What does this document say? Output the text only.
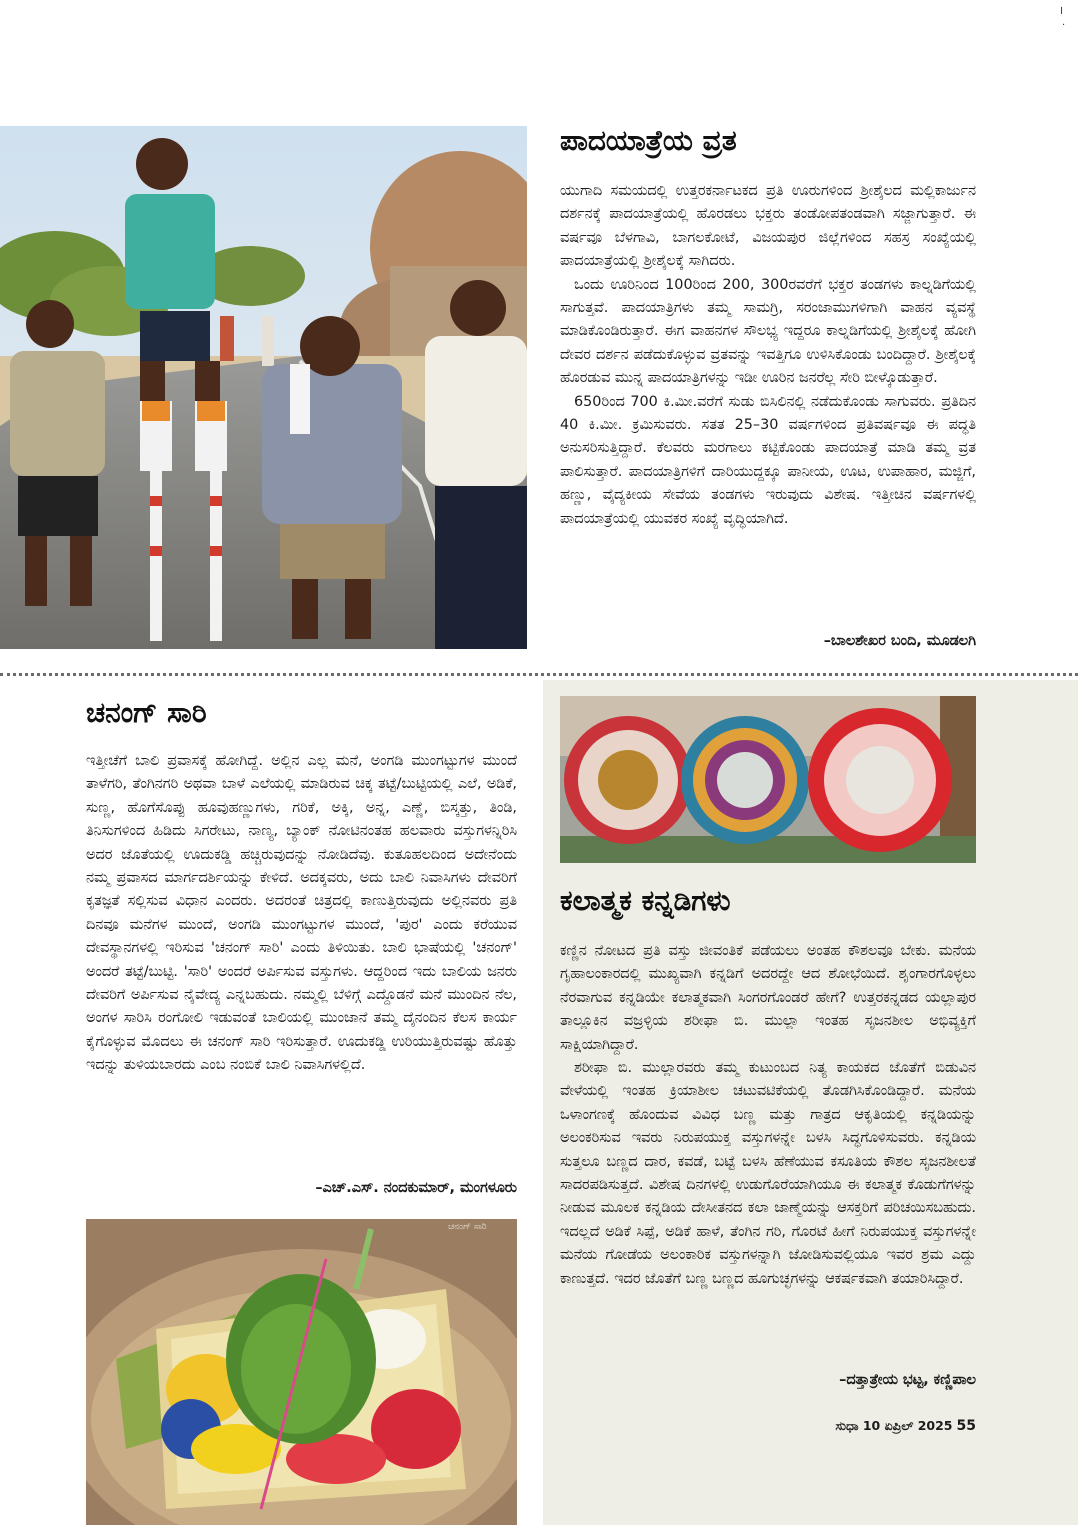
╷
·
ಪಾದಯಾತ್ರೆಯ ವ್ರತ

ಯುಗಾದಿ ಸಮಯದಲ್ಲಿ ಉತ್ತರಕರ್ನಾಟಕದ ಪ್ರತಿ ಊರುಗಳಿಂದ ಶ್ರೀಶೈಲದ ಮಲ್ಲಿಕಾರ್ಜುನ ದರ್ಶನಕ್ಕೆ ಪಾದಯಾತ್ರೆಯಲ್ಲಿ ಹೊರಡಲು ಭಕ್ತರು ತಂಡೋಪತಂಡವಾಗಿ ಸಜ್ಜಾಗುತ್ತಾರೆ. ಈ ವರ್ಷವೂ ಬೆಳಗಾವಿ, ಬಾಗಲಕೋಟೆ, ವಿಜಯಪುರ ಜಿಲ್ಲೆಗಳಿಂದ ಸಹಸ್ರ ಸಂಖ್ಯೆಯಲ್ಲಿ ಪಾದಯಾತ್ರೆಯಲ್ಲಿ ಶ್ರೀಶೈಲಕ್ಕೆ ಸಾಗಿದರು.

ಒಂದು ಊರಿನಿಂದ 100ರಿಂದ 200, 300ರವರೆಗೆ ಭಕ್ತರ ತಂಡಗಳು ಕಾಲ್ನಡಿಗೆಯಲ್ಲಿ ಸಾಗುತ್ತವೆ. ಪಾದಯಾತ್ರಿಗಳು ತಮ್ಮ ಸಾಮಗ್ರಿ, ಸರಂಜಾಮುಗಳಿಗಾಗಿ ವಾಹನ ವ್ಯವಸ್ಥೆ ಮಾಡಿಕೊಂಡಿರುತ್ತಾರೆ. ಈಗ ವಾಹನಗಳ ಸೌಲಭ್ಯ ಇದ್ದರೂ ಕಾಲ್ನಡಿಗೆಯಲ್ಲಿ ಶ್ರೀಶೈಲಕ್ಕೆ ಹೋಗಿ ದೇವರ ದರ್ಶನ ಪಡೆದುಕೊಳ್ಳುವ ವ್ರತವನ್ನು ಇವತ್ತಿಗೂ ಉಳಿಸಿಕೊಂಡು ಬಂದಿದ್ದಾರೆ. ಶ್ರೀಶೈಲಕ್ಕೆ ಹೊರಡುವ ಮುನ್ನ ಪಾದಯಾತ್ರಿಗಳನ್ನು ಇಡೀ ಊರಿನ ಜನರೆಲ್ಲ ಸೇರಿ ಬೀಳ್ಕೊಡುತ್ತಾರೆ.

650ರಿಂದ 700 ಕಿ.ಮೀ.ವರೆಗೆ ಸುಡು ಬಿಸಿಲಿನಲ್ಲಿ ನಡೆದುಕೊಂಡು ಸಾಗುವರು. ಪ್ರತಿದಿನ 40 ಕಿ.ಮೀ. ಕ್ರಮಿಸುವರು. ಸತತ 25–30 ವರ್ಷಗಳಿಂದ ಪ್ರತಿವರ್ಷವೂ ಈ ಪದ್ಧತಿ ಅನುಸರಿಸುತ್ತಿದ್ದಾರೆ. ಕೆಲವರು ಮರಗಾಲು ಕಟ್ಟಿಕೊಂಡು ಪಾದಯಾತ್ರೆ ಮಾಡಿ ತಮ್ಮ ವ್ರತ ಪಾಲಿಸುತ್ತಾರೆ. ಪಾದಯಾತ್ರಿಗಳಿಗೆ ದಾರಿಯುದ್ದಕ್ಕೂ ಪಾನೀಯ, ಊಟ, ಉಪಾಹಾರ, ಮಜ್ಜಿಗೆ, ಹಣ್ಣು, ವೈದ್ಯಕೀಯ ಸೇವೆಯ ತಂಡಗಳು ಇರುವುದು ವಿಶೇಷ. ಇತ್ತೀಚಿನ ವರ್ಷಗಳಲ್ಲಿ ಪಾದಯಾತ್ರೆಯಲ್ಲಿ ಯುವಕರ ಸಂಖ್ಯೆ ವೃದ್ಧಿಯಾಗಿದೆ.

–ಬಾಲಶೇಖರ ಬಂದಿ, ಮೂಡಲಗಿ
ಚನಂಗ್ ಸಾರಿ

ಇತ್ತೀಚೆಗೆ ಬಾಲಿ ಪ್ರವಾಸಕ್ಕೆ ಹೋಗಿದ್ದೆ. ಅಲ್ಲಿನ ಎಲ್ಲ ಮನೆ, ಅಂಗಡಿ ಮುಂಗಟ್ಟುಗಳ ಮುಂದೆ ತಾಳೆಗರಿ, ತೆಂಗಿನಗರಿ ಅಥವಾ ಬಾಳೆ ಎಲೆಯಲ್ಲಿ ಮಾಡಿರುವ ಚಿಕ್ಕ ತಟ್ಟೆ/ಬುಟ್ಟಿಯಲ್ಲಿ ಎಲೆ, ಅಡಿಕೆ, ಸುಣ್ಣ, ಹೊಗೆಸೊಪ್ಪು ಹೂವುಹಣ್ಣುಗಳು, ಗರಿಕೆ, ಅಕ್ಕಿ, ಅನ್ನ, ಎಣ್ಣೆ, ಬಿಸ್ಕತ್ತು, ತಿಂಡಿ, ತಿನಿಸುಗಳಿಂದ ಹಿಡಿದು ಸಿಗರೇಟು, ನಾಣ್ಯ, ಬ್ಯಾಂಕ್ ನೋಟಿನಂತಹ ಹಲವಾರು ವಸ್ತುಗಳನ್ನಿರಿಸಿ ಅದರ ಜೊತೆಯಲ್ಲಿ ಊದುಕಡ್ಡಿ ಹಚ್ಚಿರುವುದನ್ನು ನೋಡಿದೆವು. ಕುತೂಹಲದಿಂದ ಅದೇನೆಂದು ನಮ್ಮ ಪ್ರವಾಸದ ಮಾರ್ಗದರ್ಶಿಯನ್ನು ಕೇಳಿದೆ. ಅದಕ್ಕವರು, ಅದು ಬಾಲಿ ನಿವಾಸಿಗಳು ದೇವರಿಗೆ ಕೃತಜ್ಞತೆ ಸಲ್ಲಿಸುವ ವಿಧಾನ ಎಂದರು. ಅದರಂತೆ ಚಿತ್ರದಲ್ಲಿ ಕಾಣುತ್ತಿರುವುದು ಅಲ್ಲಿನವರು ಪ್ರತಿ ದಿನವೂ ಮನೆಗಳ ಮುಂದೆ, ಅಂಗಡಿ ಮುಂಗಟ್ಟುಗಳ ಮುಂದೆ, 'ಪುರ' ಎಂದು ಕರೆಯುವ ದೇವಸ್ಥಾನಗಳಲ್ಲಿ ಇರಿಸುವ 'ಚನಂಗ್ ಸಾರಿ' ಎಂದು ತಿಳಿಯಿತು. ಬಾಲಿ ಭಾಷೆಯಲ್ಲಿ 'ಚನಂಗ್' ಅಂದರೆ ತಟ್ಟೆ/ಬುಟ್ಟಿ. 'ಸಾರಿ' ಅಂದರೆ ಅರ್ಪಿಸುವ ವಸ್ತುಗಳು. ಆದ್ದರಿಂದ ಇದು ಬಾಲಿಯ ಜನರು ದೇವರಿಗೆ ಅರ್ಪಿಸುವ ನೈವೇದ್ಯ ಎನ್ನಬಹುದು. ನಮ್ಮಲ್ಲಿ ಬೆಳಿಗ್ಗೆ ಎದ್ದೊಡನೆ ಮನೆ ಮುಂದಿನ ನೆಲ, ಅಂಗಳ ಸಾರಿಸಿ ರಂಗೋಲಿ ಇಡುವಂತೆ ಬಾಲಿಯಲ್ಲಿ ಮುಂಜಾನೆ ತಮ್ಮ ದೈನಂದಿನ ಕೆಲಸ ಕಾರ್ಯ ಕೈಗೊಳ್ಳುವ ಮೊದಲು ಈ ಚನಂಗ್ ಸಾರಿ ಇರಿಸುತ್ತಾರೆ. ಊದುಕಡ್ಡಿ ಉರಿಯುತ್ತಿರುವಷ್ಟು ಹೊತ್ತು ಇದನ್ನು ತುಳಿಯಬಾರದು ಎಂಬ ನಂಬಿಕೆ ಬಾಲಿ ನಿವಾಸಿಗಳಲ್ಲಿದೆ.

–ಎಚ್.ಎಸ್. ನಂದಕುಮಾರ್, ಮಂಗಳೂರು
ಚನಂಗ್ ಸಾರಿ
ಕಲಾತ್ಮಕ ಕನ್ನಡಿಗಳು

ಕಣ್ಣಿನ ನೋಟದ ಪ್ರತಿ ವಸ್ತು ಜೀವಂತಿಕೆ ಪಡೆಯಲು ಅಂತಹ ಕೌಶಲವೂ ಬೇಕು. ಮನೆಯ ಗೃಹಾಲಂಕಾರದಲ್ಲಿ ಮುಖ್ಯವಾಗಿ ಕನ್ನಡಿಗೆ ಅದರದ್ದೇ ಆದ ಶೋಭೆಯಿದೆ. ಶೃಂಗಾರಗೊಳ್ಳಲು ನೆರವಾಗುವ ಕನ್ನಡಿಯೇ ಕಲಾತ್ಮಕವಾಗಿ ಸಿಂಗರಗೊಂಡರೆ ಹೇಗೆ? ಉತ್ತರಕನ್ನಡದ ಯಲ್ಲಾಪುರ ತಾಲ್ಲೂಕಿನ ವಜ್ರಳ್ಳಿಯ ಶರೀಫಾ ಬಿ. ಮುಲ್ಲಾ ಇಂತಹ ಸೃಜನಶೀಲ ಅಭಿವ್ಯಕ್ತಿಗೆ ಸಾಕ್ಷಿಯಾಗಿದ್ದಾರೆ.

ಶರೀಫಾ ಬಿ. ಮುಲ್ಲಾರವರು ತಮ್ಮ ಕುಟುಂಬದ ನಿತ್ಯ ಕಾಯಕದ ಜೊತೆಗೆ ಬಿಡುವಿನ ವೇಳೆಯಲ್ಲಿ ಇಂತಹ ಕ್ರಿಯಾಶೀಲ ಚಟುವಟಿಕೆಯಲ್ಲಿ ತೊಡಗಿಸಿಕೊಂಡಿದ್ದಾರೆ. ಮನೆಯ ಒಳಾಂಗಣಕ್ಕೆ ಹೊಂದುವ ವಿವಿಧ ಬಣ್ಣ ಮತ್ತು ಗಾತ್ರದ ಆಕೃತಿಯಲ್ಲಿ ಕನ್ನಡಿಯನ್ನು ಅಲಂಕರಿಸುವ ಇವರು ನಿರುಪಯುಕ್ತ ವಸ್ತುಗಳನ್ನೇ ಬಳಸಿ ಸಿದ್ಧಗೊಳಿಸುವರು. ಕನ್ನಡಿಯ ಸುತ್ತಲೂ ಬಣ್ಣದ ದಾರ, ಕವಡೆ, ಬಟ್ಟೆ ಬಳಸಿ ಹೆಣೆಯುವ ಕಸೂತಿಯ ಕೌಶಲ ಸೃಜನಶೀಲತೆ ಸಾದರಪಡಿಸುತ್ತದೆ. ವಿಶೇಷ ದಿನಗಳಲ್ಲಿ ಉಡುಗೊರೆಯಾಗಿಯೂ ಈ ಕಲಾತ್ಮಕ ಕೊಡುಗೆಗಳನ್ನು ನೀಡುವ ಮೂಲಕ ಕನ್ನಡಿಯ ದೇಸೀತನದ ಕಲಾ ಜಾಣ್ಮೆಯನ್ನು ಆಸಕ್ತರಿಗೆ ಪರಿಚಯಿಸಬಹುದು. ಇದಲ್ಲದೆ ಅಡಿಕೆ ಸಿಪ್ಪೆ, ಅಡಿಕೆ ಹಾಳೆ, ತೆಂಗಿನ ಗರಿ, ಗೊರಟೆ ಹೀಗೆ ನಿರುಪಯುಕ್ತ ವಸ್ತುಗಳನ್ನೇ ಮನೆಯ ಗೋಡೆಯ ಅಲಂಕಾರಿಕ ವಸ್ತುಗಳನ್ನಾಗಿ ಜೋಡಿಸುವಲ್ಲಿಯೂ ಇವರ ಶ್ರಮ ಎದ್ದು ಕಾಣುತ್ತದೆ. ಇದರ ಜೊತೆಗೆ ಬಣ್ಣ ಬಣ್ಣದ ಹೂಗುಚ್ಛಗಳನ್ನು ಆಕರ್ಷಕವಾಗಿ ತಯಾರಿಸಿದ್ದಾರೆ.

–ದತ್ತಾತ್ರೇಯ ಭಟ್ಟ, ಕಣ್ಣಿಪಾಲ
ಸುಧಾ 10 ಏಪ್ರಿಲ್ 2025 55
